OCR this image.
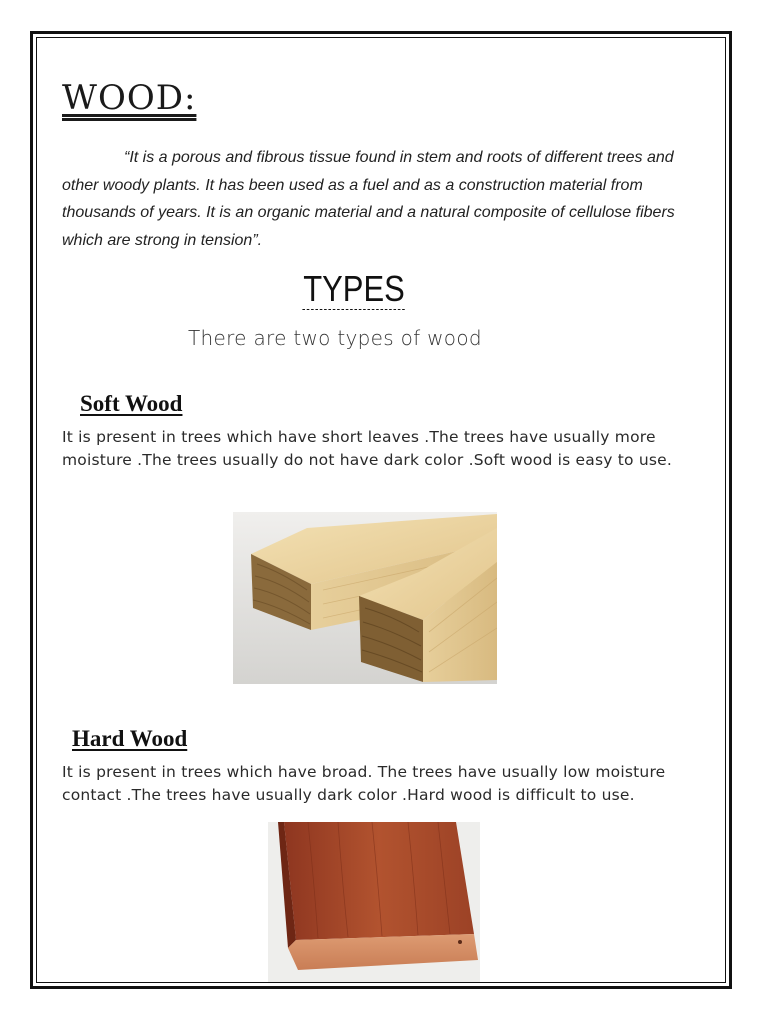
WOOD:

“It is a porous and fibrous tissue found in stem and roots of different trees and other woody plants. It has been used as a fuel and as a construction material from thousands of years. It is an organic material and a natural composite of cellulose fibers which are strong in tension”.

TYPES

There are two types of wood

Soft Wood

It is present in trees which have short leaves .The trees have usually more moisture .The trees usually do not have dark color .Soft wood is easy to use.

Hard Wood

It is present in trees which have broad. The trees have usually low moisture contact .The trees have usually dark color .Hard wood is difficult to use.
